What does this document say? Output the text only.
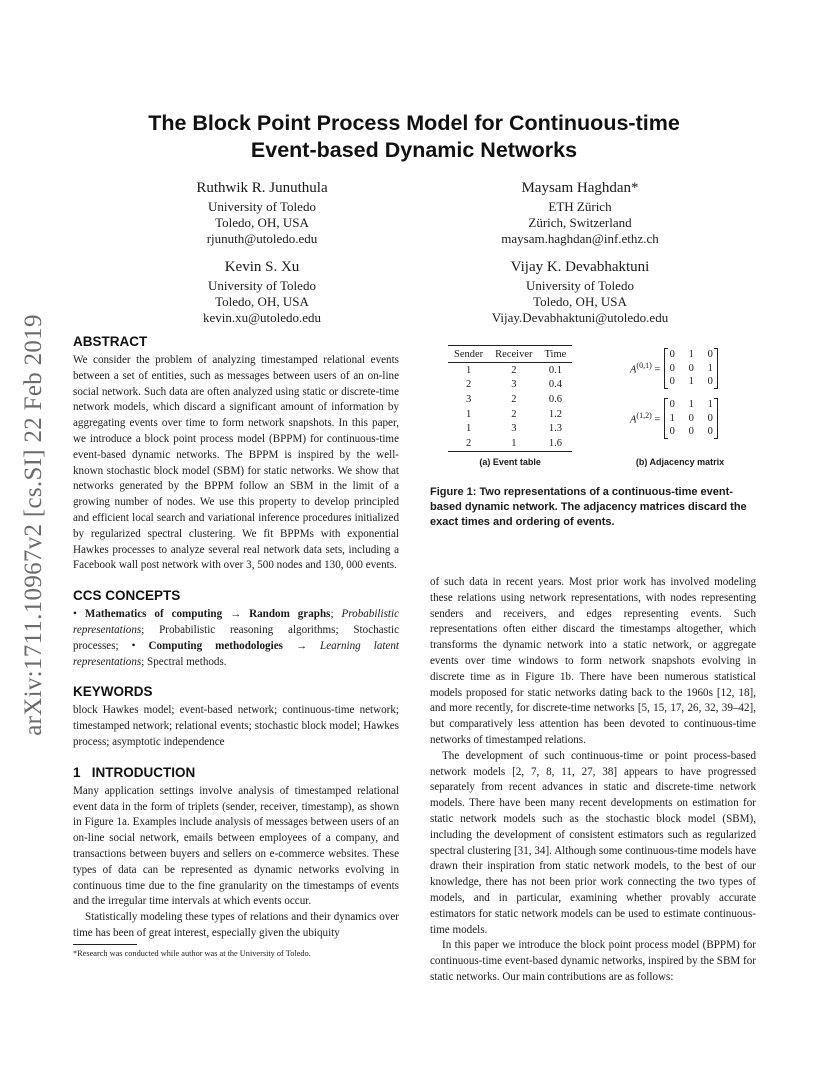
arXiv:1711.10967v2 [cs.SI] 22 Feb 2019
The Block Point Process Model for Continuous-time
Event-based Dynamic Networks
Ruthwik R. Junuthula
University of Toledo
Toledo, OH, USA
rjunuth@utoledo.edu
Maysam Haghdan*
ETH Zürich
Zürich, Switzerland
maysam.haghdan@inf.ethz.ch
Kevin S. Xu
University of Toledo
Toledo, OH, USA
kevin.xu@utoledo.edu
Vijay K. Devabhaktuni
University of Toledo
Toledo, OH, USA
Vijay.Devabhaktuni@utoledo.edu
ABSTRACT

We consider the problem of analyzing timestamped relational events between a set of entities, such as messages between users of an on-line social network. Such data are often analyzed using static or discrete-time network models, which discard a significant amount of information by aggregating events over time to form network snapshots. In this paper, we introduce a block point process model (BPPM) for continuous-time event-based dynamic networks. The BPPM is inspired by the well-known stochastic block model (SBM) for static networks. We show that networks generated by the BPPM follow an SBM in the limit of a growing number of nodes. We use this property to develop principled and efficient local search and variational inference procedures initialized by regularized spectral clustering. We fit BPPMs with exponential Hawkes processes to analyze several real network data sets, including a Facebook wall post network with over 3, 500 nodes and 130, 000 events.

CCS CONCEPTS

• Mathematics of computing → Random graphs; Probabilistic representations; Probabilistic reasoning algorithms; Stochastic processes; • Computing methodologies → Learning latent representations; Spectral methods.

KEYWORDS

block Hawkes model; event-based network; continuous-time network; timestamped network; relational events; stochastic block model; Hawkes process; asymptotic independence

1   INTRODUCTION

Many application settings involve analysis of timestamped relational event data in the form of triplets (sender, receiver, timestamp), as shown in Figure 1a. Examples include analysis of messages between users of an on-line social network, emails between employees of a company, and transactions between buyers and sellers on e-commerce websites. These types of data can be represented as dynamic networks evolving in continuous time due to the fine granularity on the timestamps of events and the irregular time intervals at which events occur.

Statistically modeling these types of relations and their dynamics over time has been of great interest, especially given the ubiquity

*Research was conducted while author was at the University of Toledo.
Sender	Receiver	Time
1	2	0.1
2	3	0.4
3	2	0.6
1	2	1.2
1	3	1.3
2	1	1.6
(a) Event table
A$^{(0,1)}$ =
0 1 0
0 0 1
0 1 0
A$^{(1,2)}$ =
0 1 1
1 0 0
0 0 0
(b) Adjacency matrix
Figure 1: Two representations of a continuous-time event-based dynamic network. The adjacency matrices discard the exact times and ordering of events.

of such data in recent years. Most prior work has involved modeling these relations using network representations, with nodes representing senders and receivers, and edges representing events. Such representations often either discard the timestamps altogether, which transforms the dynamic network into a static network, or aggregate events over time windows to form network snapshots evolving in discrete time as in Figure 1b. There have been numerous statistical models proposed for static networks dating back to the 1960s [12, 18], and more recently, for discrete-time networks [5, 15, 17, 26, 32, 39–42], but comparatively less attention has been devoted to continuous-time networks of timestamped relations.

The development of such continuous-time or point process-based network models [2, 7, 8, 11, 27, 38] appears to have progressed separately from recent advances in static and discrete-time network models. There have been many recent developments on estimation for static network models such as the stochastic block model (SBM), including the development of consistent estimators such as regularized spectral clustering [31, 34]. Although some continuous-time models have drawn their inspiration from static network models, to the best of our knowledge, there has not been prior work connecting the two types of models, and in particular, examining whether provably accurate estimators for static network models can be used to estimate continuous-time models.

In this paper we introduce the block point process model (BPPM) for continuous-time event-based dynamic networks, inspired by the SBM for static networks. Our main contributions are as follows:
